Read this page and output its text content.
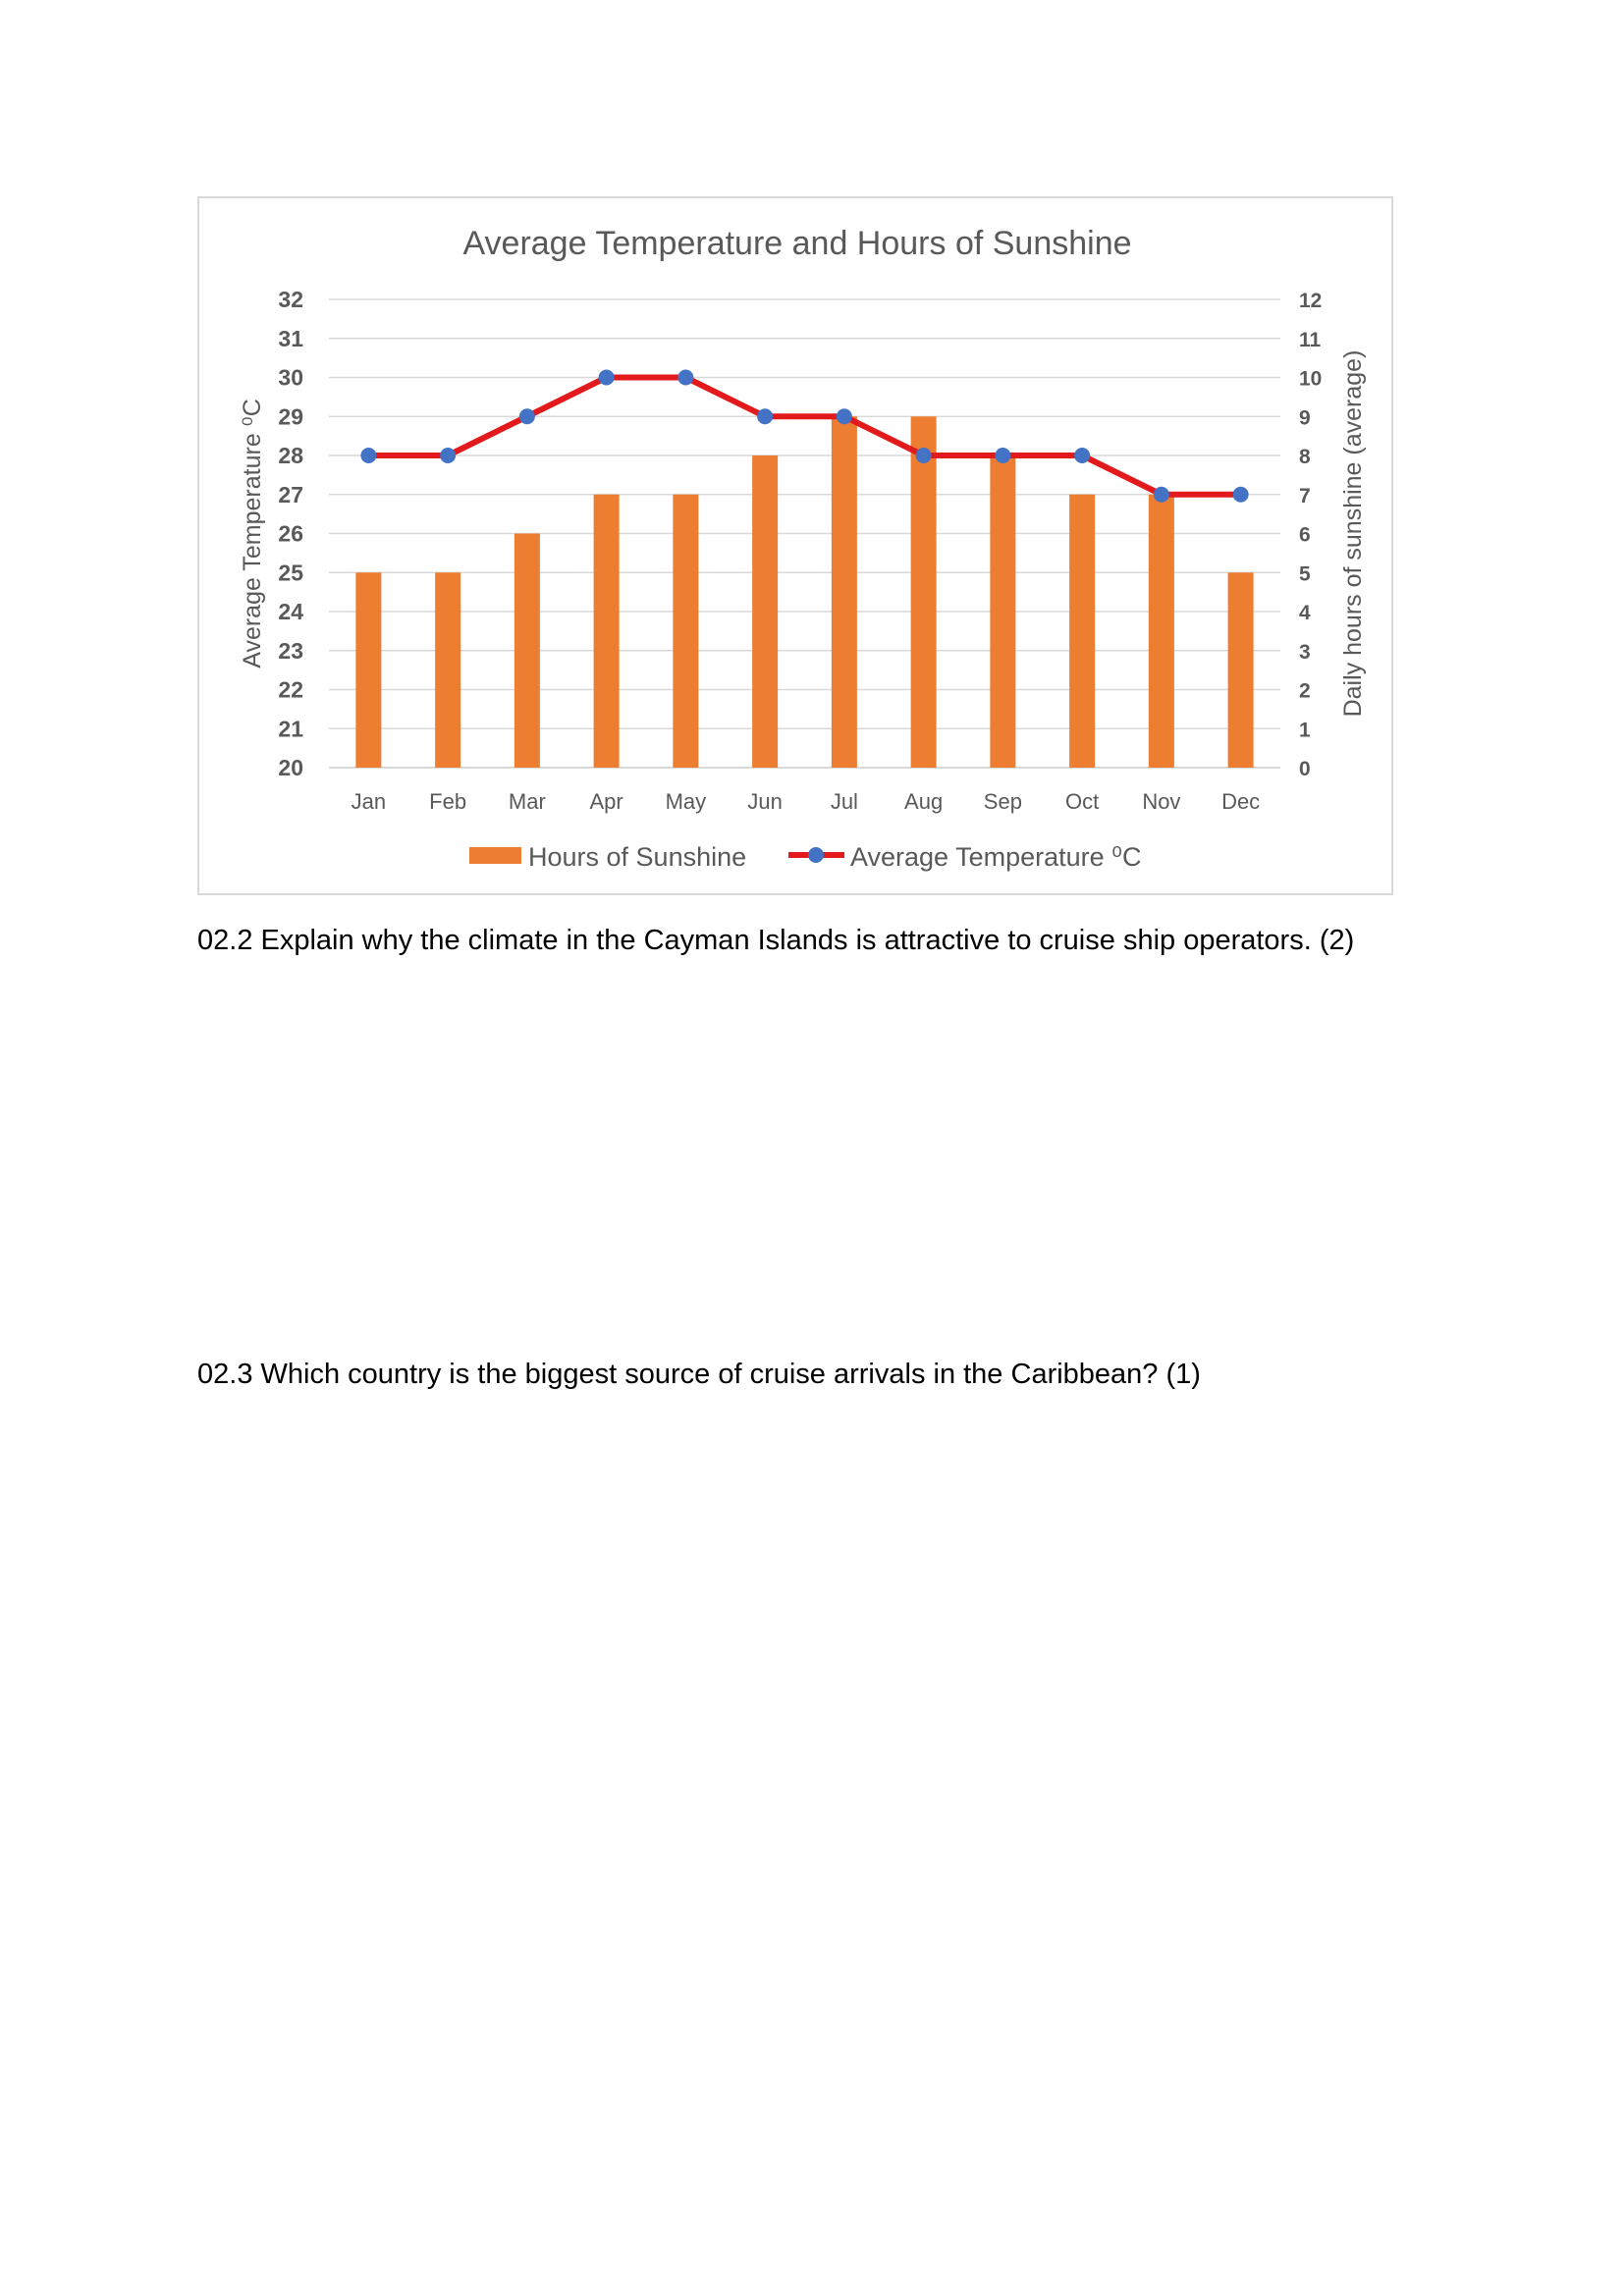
Average Temperature and Hours of Sunshine
20
21
22
23
24
25
26
27
28
29
30
31
32
0
1
2
3
4
5
6
7
8
9
10
11
12
Average Temperature ⁰C	Daily hours of sunshine (average)
Jan Feb Mar Apr May Jun Jul Aug Sep Oct Nov Dec
Hours of Sunshine	Average Temperature ⁰C
02.2 Explain why the climate in the Cayman Islands is attractive to cruise ship operators. (2)
02.3 Which country is the biggest source of cruise arrivals in the Caribbean? (1)
